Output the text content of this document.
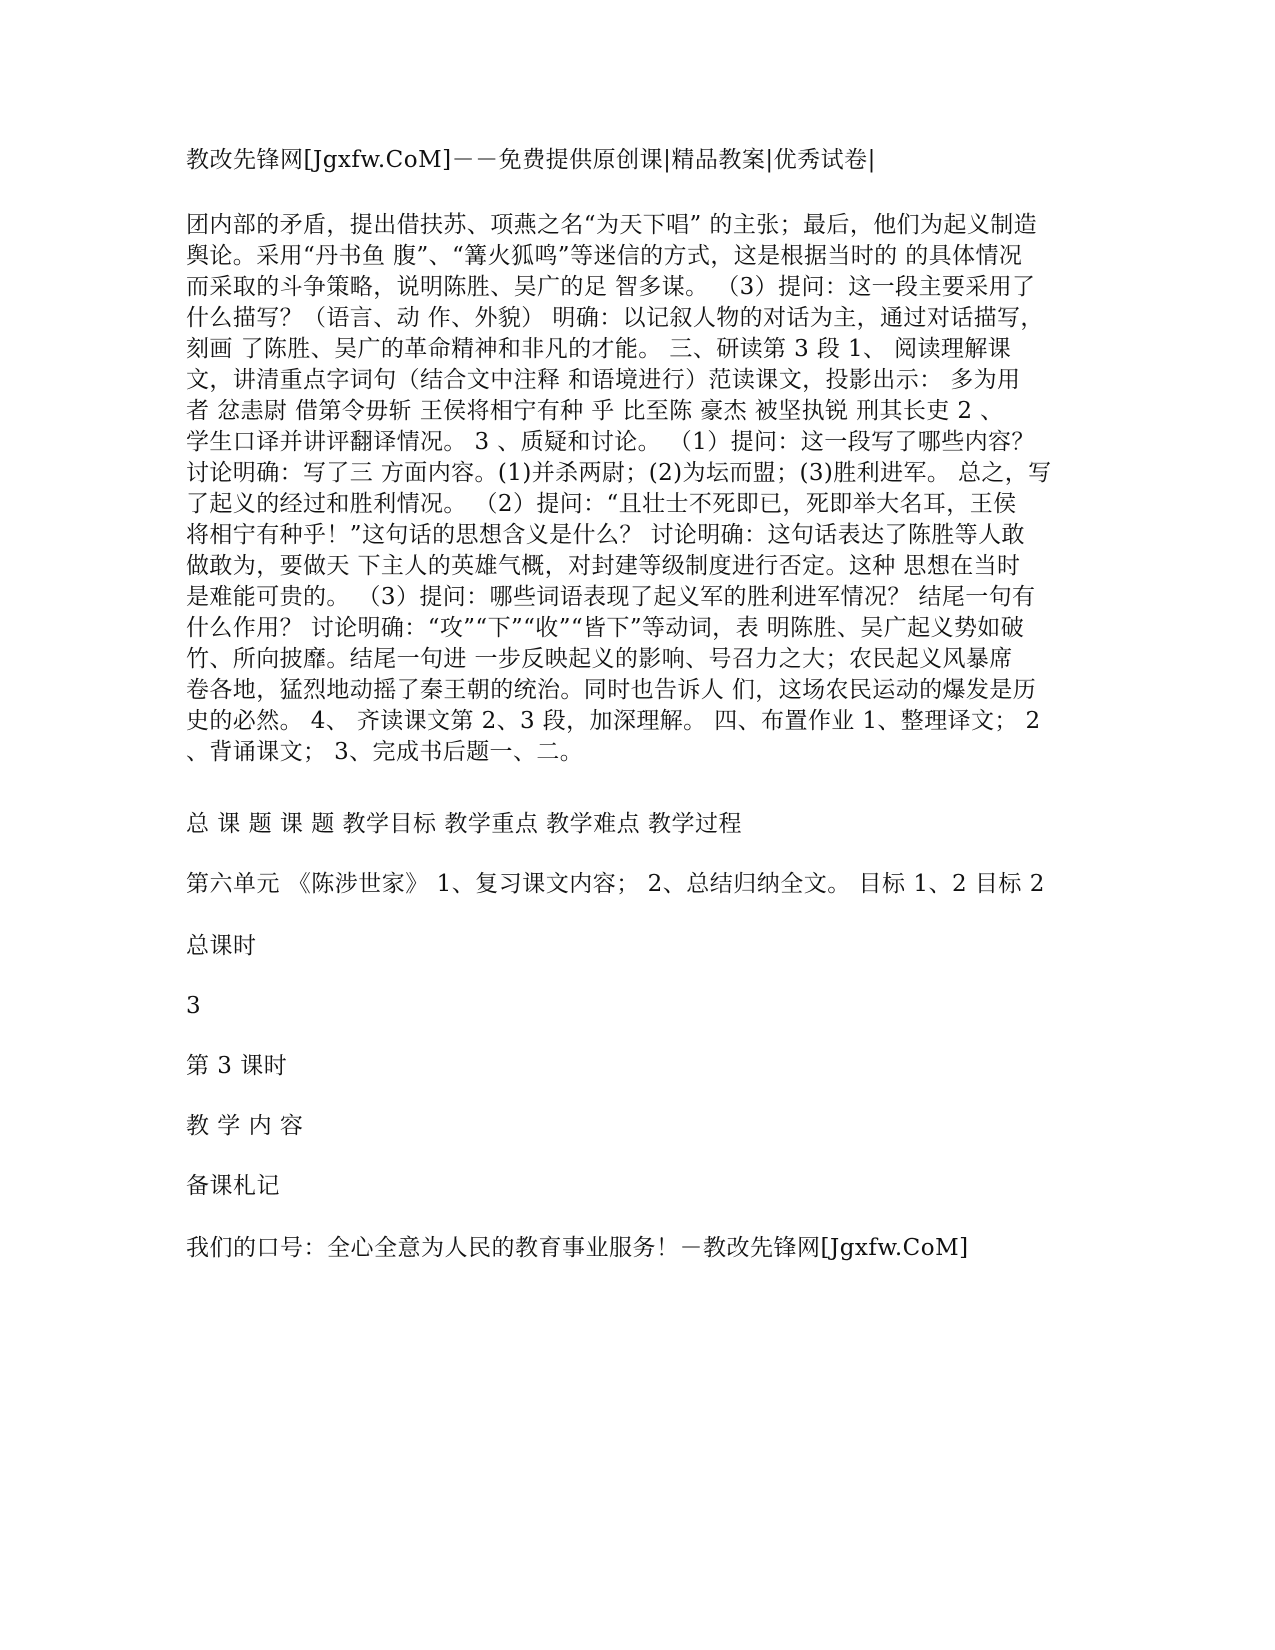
教改先锋网[Jgxfw.CoM]－－免费提供原创课|精品教案|优秀试卷|
团内部的矛盾，提出借扶苏、项燕之名“为天下唱” 的主张；最后，他们为起义制造
舆论。采用“丹书鱼 腹”、“篝火狐鸣”等迷信的方式，这是根据当时的 的具体情况
而采取的斗争策略，说明陈胜、吴广的足 智多谋。 （3）提问：这一段主要采用了
什么描写？（语言、动 作、外貌） 明确：以记叙人物的对话为主，通过对话描写，
刻画 了陈胜、吴广的革命精神和非凡的才能。 三、研读第 3 段 1、 阅读理解课
文，讲清重点字词句（结合文中注释 和语境进行）范读课文，投影出示： 多为用
者 忿恚尉 借第令毋斩 王侯将相宁有种 乎 比至陈 豪杰 被坚执锐 刑其长吏 2 、
学生口译并讲评翻译情况。 3 、质疑和讨论。 （1）提问：这一段写了哪些内容？
讨论明确：写了三 方面内容。(1)并杀两尉；(2)为坛而盟；(3)胜利进军。 总之，写
了起义的经过和胜利情况。 （2）提问：“且壮士不死即已，死即举大名耳，王侯
将相宁有种乎！”这句话的思想含义是什么？ 讨论明确：这句话表达了陈胜等人敢
做敢为，要做天 下主人的英雄气概，对封建等级制度进行否定。这种 思想在当时
是难能可贵的。 （3）提问：哪些词语表现了起义军的胜利进军情况？ 结尾一句有
什么作用？ 讨论明确：“攻”“下”“收”“皆下”等动词，表 明陈胜、吴广起义势如破
竹、所向披靡。结尾一句进 一步反映起义的影响、号召力之大；农民起义风暴席
卷各地，猛烈地动摇了秦王朝的统治。同时也告诉人 们，这场农民运动的爆发是历
史的必然。 4、 齐读课文第 2、3 段，加深理解。 四、布置作业 1、整理译文； 2
、背诵课文； 3、完成书后题一、二。
总 课 题 课 题 教学目标 教学重点 教学难点 教学过程
第六单元 《陈涉世家》 1、复习课文内容； 2、总结归纳全文。 目标 1、2 目标 2
总课时
3
第 3 课时
教 学 内 容
备课札记
我们的口号：全心全意为人民的教育事业服务！－教改先锋网[Jgxfw.CoM]
